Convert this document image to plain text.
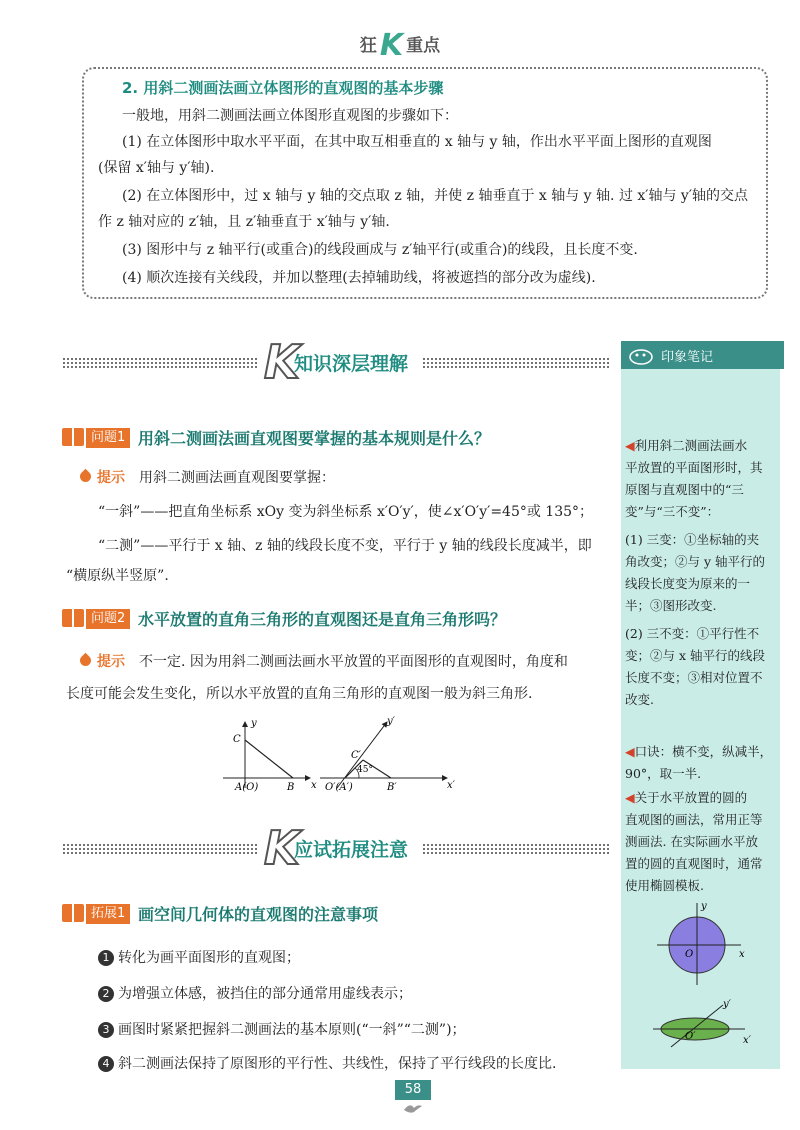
狂 K 重点
2. 用斜二测画法画立体图形的直观图的基本步骤

一般地，用斜二测画法画立体图形直观图的步骤如下：

(1) 在立体图形中取水平平面，在其中取互相垂直的 x 轴与 y 轴，作出水平平面上图形的直观图

(保留 x′轴与 y′轴).

(2) 在立体图形中，过 x 轴与 y 轴的交点取 z 轴，并使 z 轴垂直于 x 轴与 y 轴. 过 x′轴与 y′轴的交点

作 z 轴对应的 z′轴，且 z′轴垂直于 x′轴与 y′轴.

(3) 图形中与 z 轴平行(或重合)的线段画成与 z′轴平行(或重合)的线段，且长度不变.

(4) 顺次连接有关线段，并加以整理(去掉辅助线，将被遮挡的部分改为虚线).

K
知识深层理解
问题1 用斜二测画法画直观图要掌握的基本规则是什么？

提示 用斜二测画法画直观图要掌握：

“一斜”——把直角坐标系 xOy 变为斜坐标系 x′O′y′，使∠x′O′y′=45°或 135°；

“二测”——平行于 x 轴、z 轴的线段长度不变，平行于 y 轴的线段长度减半，即

“横原纵半竖原”.

问题2 水平放置的直角三角形的直观图还是直角三角形吗？

提示 不一定. 因为用斜二测画法画水平放置的平面图形的直观图时，角度和

长度可能会发生变化，所以水平放置的直角三角形的直观图一般为斜三角形.

y
x
C
A(O)	B
45°
y′
x′
C′
O′(A′)	B′
K
应试拓展注意
拓展1 画空间几何体的直观图的注意事项

1 转化为画平面图形的直观图；

2 为增强立体感，被挡住的部分通常用虚线表示；

3 画图时紧紧把握斜二测画法的基本原则(“一斜”“二测”)；

4 斜二测画法保持了原图形的平行性、共线性，保持了平行线段的长度比.

印象笔记

◀利用斜二测画法画水
平放置的平面图形时，其
原图与直观图中的“三
变”与“三不变”：

(1) 三变：①坐标轴的夹
角改变；②与 y 轴平行的
线段长度变为原来的一
半；③图形改变.

(2) 三不变：①平行性不
变；②与 x 轴平行的线段
长度不变；③相对位置不
改变.

◀口诀：横不变，纵减半，
90°，取一半.

◀关于水平放置的圆的
直观图的画法，常用正等
测画法. 在实际画水平放
置的圆的直观图时，通常
使用椭圆模板.

y
x
O
y′
x′
O′
58
